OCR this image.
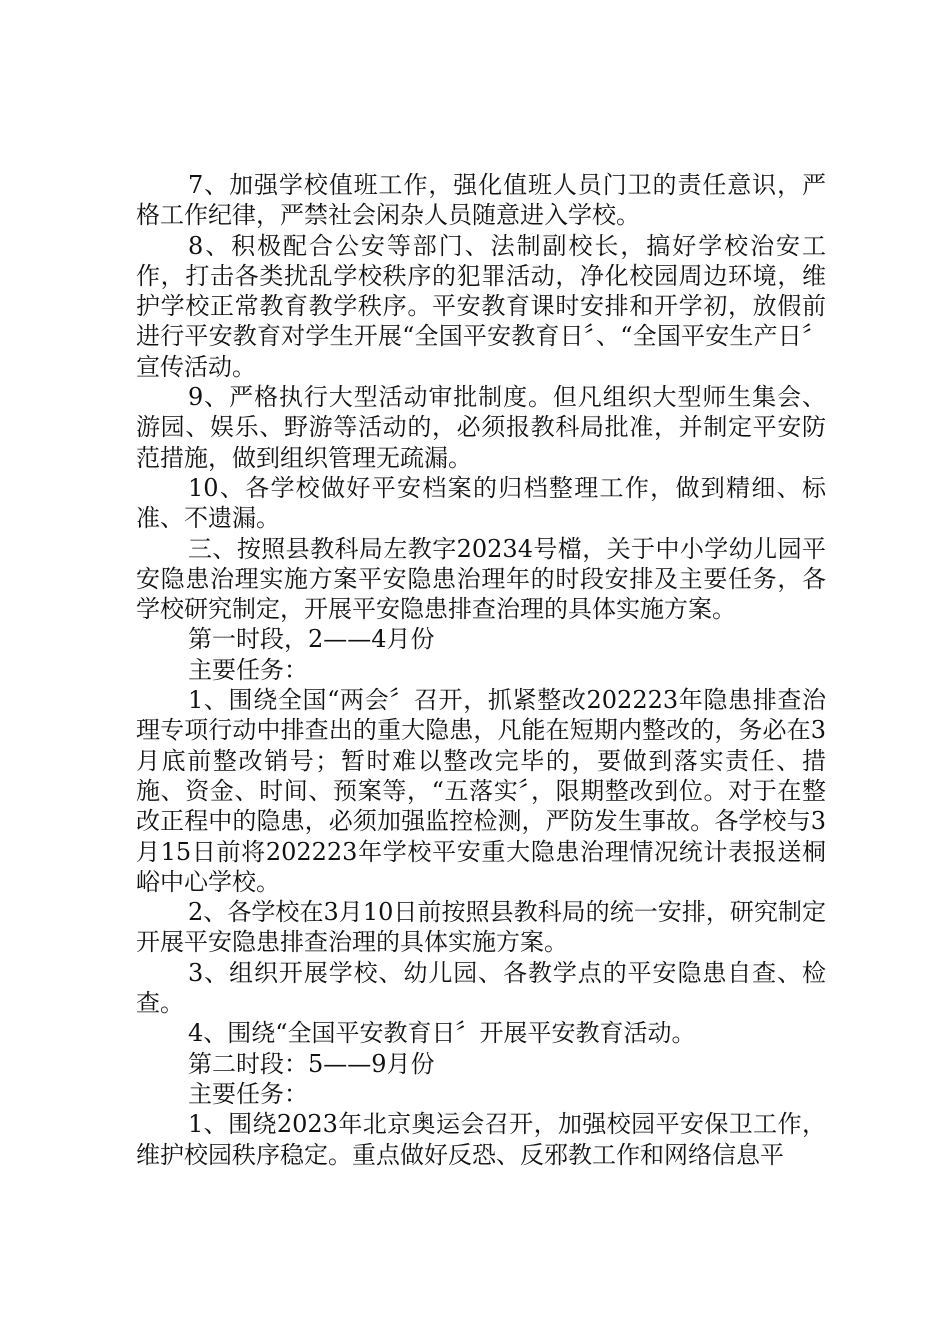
7、加强学校值班工作，强化值班人员门卫的责任意识，严格工作纪律，严禁社会闲杂人员随意进入学校。

8、积极配合公安等部门、法制副校长，搞好学校治安工作，打击各类扰乱学校秩序的犯罪活动，净化校园周边环境，维护学校正常教育教学秩序。平安教育课时安排和开学初，放假前进行平安教育对学生开展“全国平安教育日〞、“全国平安生产日〞宣传活动。

9、严格执行大型活动审批制度。但凡组织大型师生集会、游园、娱乐、野游等活动的，必须报教科局批准，并制定平安防范措施，做到组织管理无疏漏。

10、各学校做好平安档案的归档整理工作，做到精细、标准、不遗漏。

三、按照县教科局左教字20234号檔，关于中小学幼儿园平安隐患治理实施方案平安隐患治理年的时段安排及主要任务，各学校研究制定，开展平安隐患排查治理的具体实施方案。

第一时段，2——4月份

主要任务：

1、围绕全国“两会〞召开，抓紧整改202223年隐患排查治理专项行动中排查出的重大隐患，凡能在短期内整改的，务必在3月底前整改销号；暂时难以整改完毕的，要做到落实责任、措施、资金、时间、预案等，“五落实〞，限期整改到位。对于在整改正程中的隐患，必须加强监控检测，严防发生事故。各学校与3月15日前将202223年学校平安重大隐患治理情况统计表报送桐峪中心学校。

2、各学校在3月10日前按照县教科局的统一安排，研究制定开展平安隐患排查治理的具体实施方案。

3、组织开展学校、幼儿园、各教学点的平安隐患自查、检查。

4、围绕“全国平安教育日〞开展平安教育活动。

第二时段：5——9月份

主要任务：

1、围绕2023年北京奥运会召开，加强校园平安保卫工作，维护校园秩序稳定。重点做好反恐、反邪教工作和网络信息平
